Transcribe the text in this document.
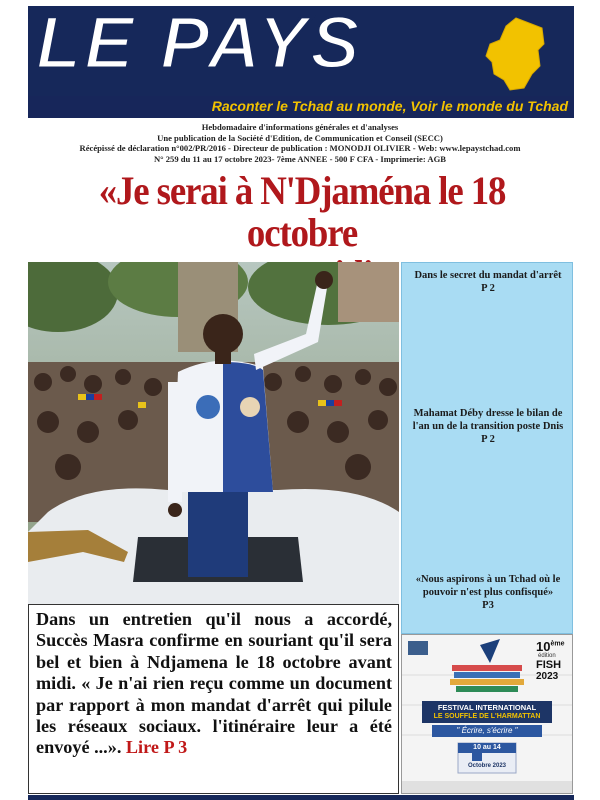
LE PAYS
Raconter le Tchad au monde, Voir le monde du Tchad
Hebdomadaire d'informations générales et d'analyses
Une publication de la Société d'Edition, de Communication et Conseil (SECC)
Récépissé de déclaration n°002/PR/2016 - Directeur de publication : MONODJI OLIVIER - Web: www.lepaystchad.com
N° 259 du 11 au 17 octobre 2023- 7ème ANNEE - 500 F CFA - Imprimerie: AGB
«Je serai à N'Djaména le 18 octobre
Dans le secret du mandat d'arrêt
P 2
Mahamat Déby dresse le bilan de l'an un de la transition poste Dnis
P 2
«Nous aspirons à un Tchad où le pouvoir n'est plus confisqué»
P3
Dans un entretien qu'il nous a accordé, Succès Masra confirme en souriant qu'il sera bel et bien à Ndjamena le 18 octobre avant midi. « Je n'ai rien reçu comme un document par rapport à mon mandat d'arrêt qui pilule les réseaux sociaux. l'itinéraire leur a été envoyé ...». Lire P 3
10ème
édition
FISH
2023
FESTIVAL INTERNATIONAL
LE SOUFFLE DE L'HARMATTAN
" Écrire, s'écrire "
10 au 14
Octobre 2023
